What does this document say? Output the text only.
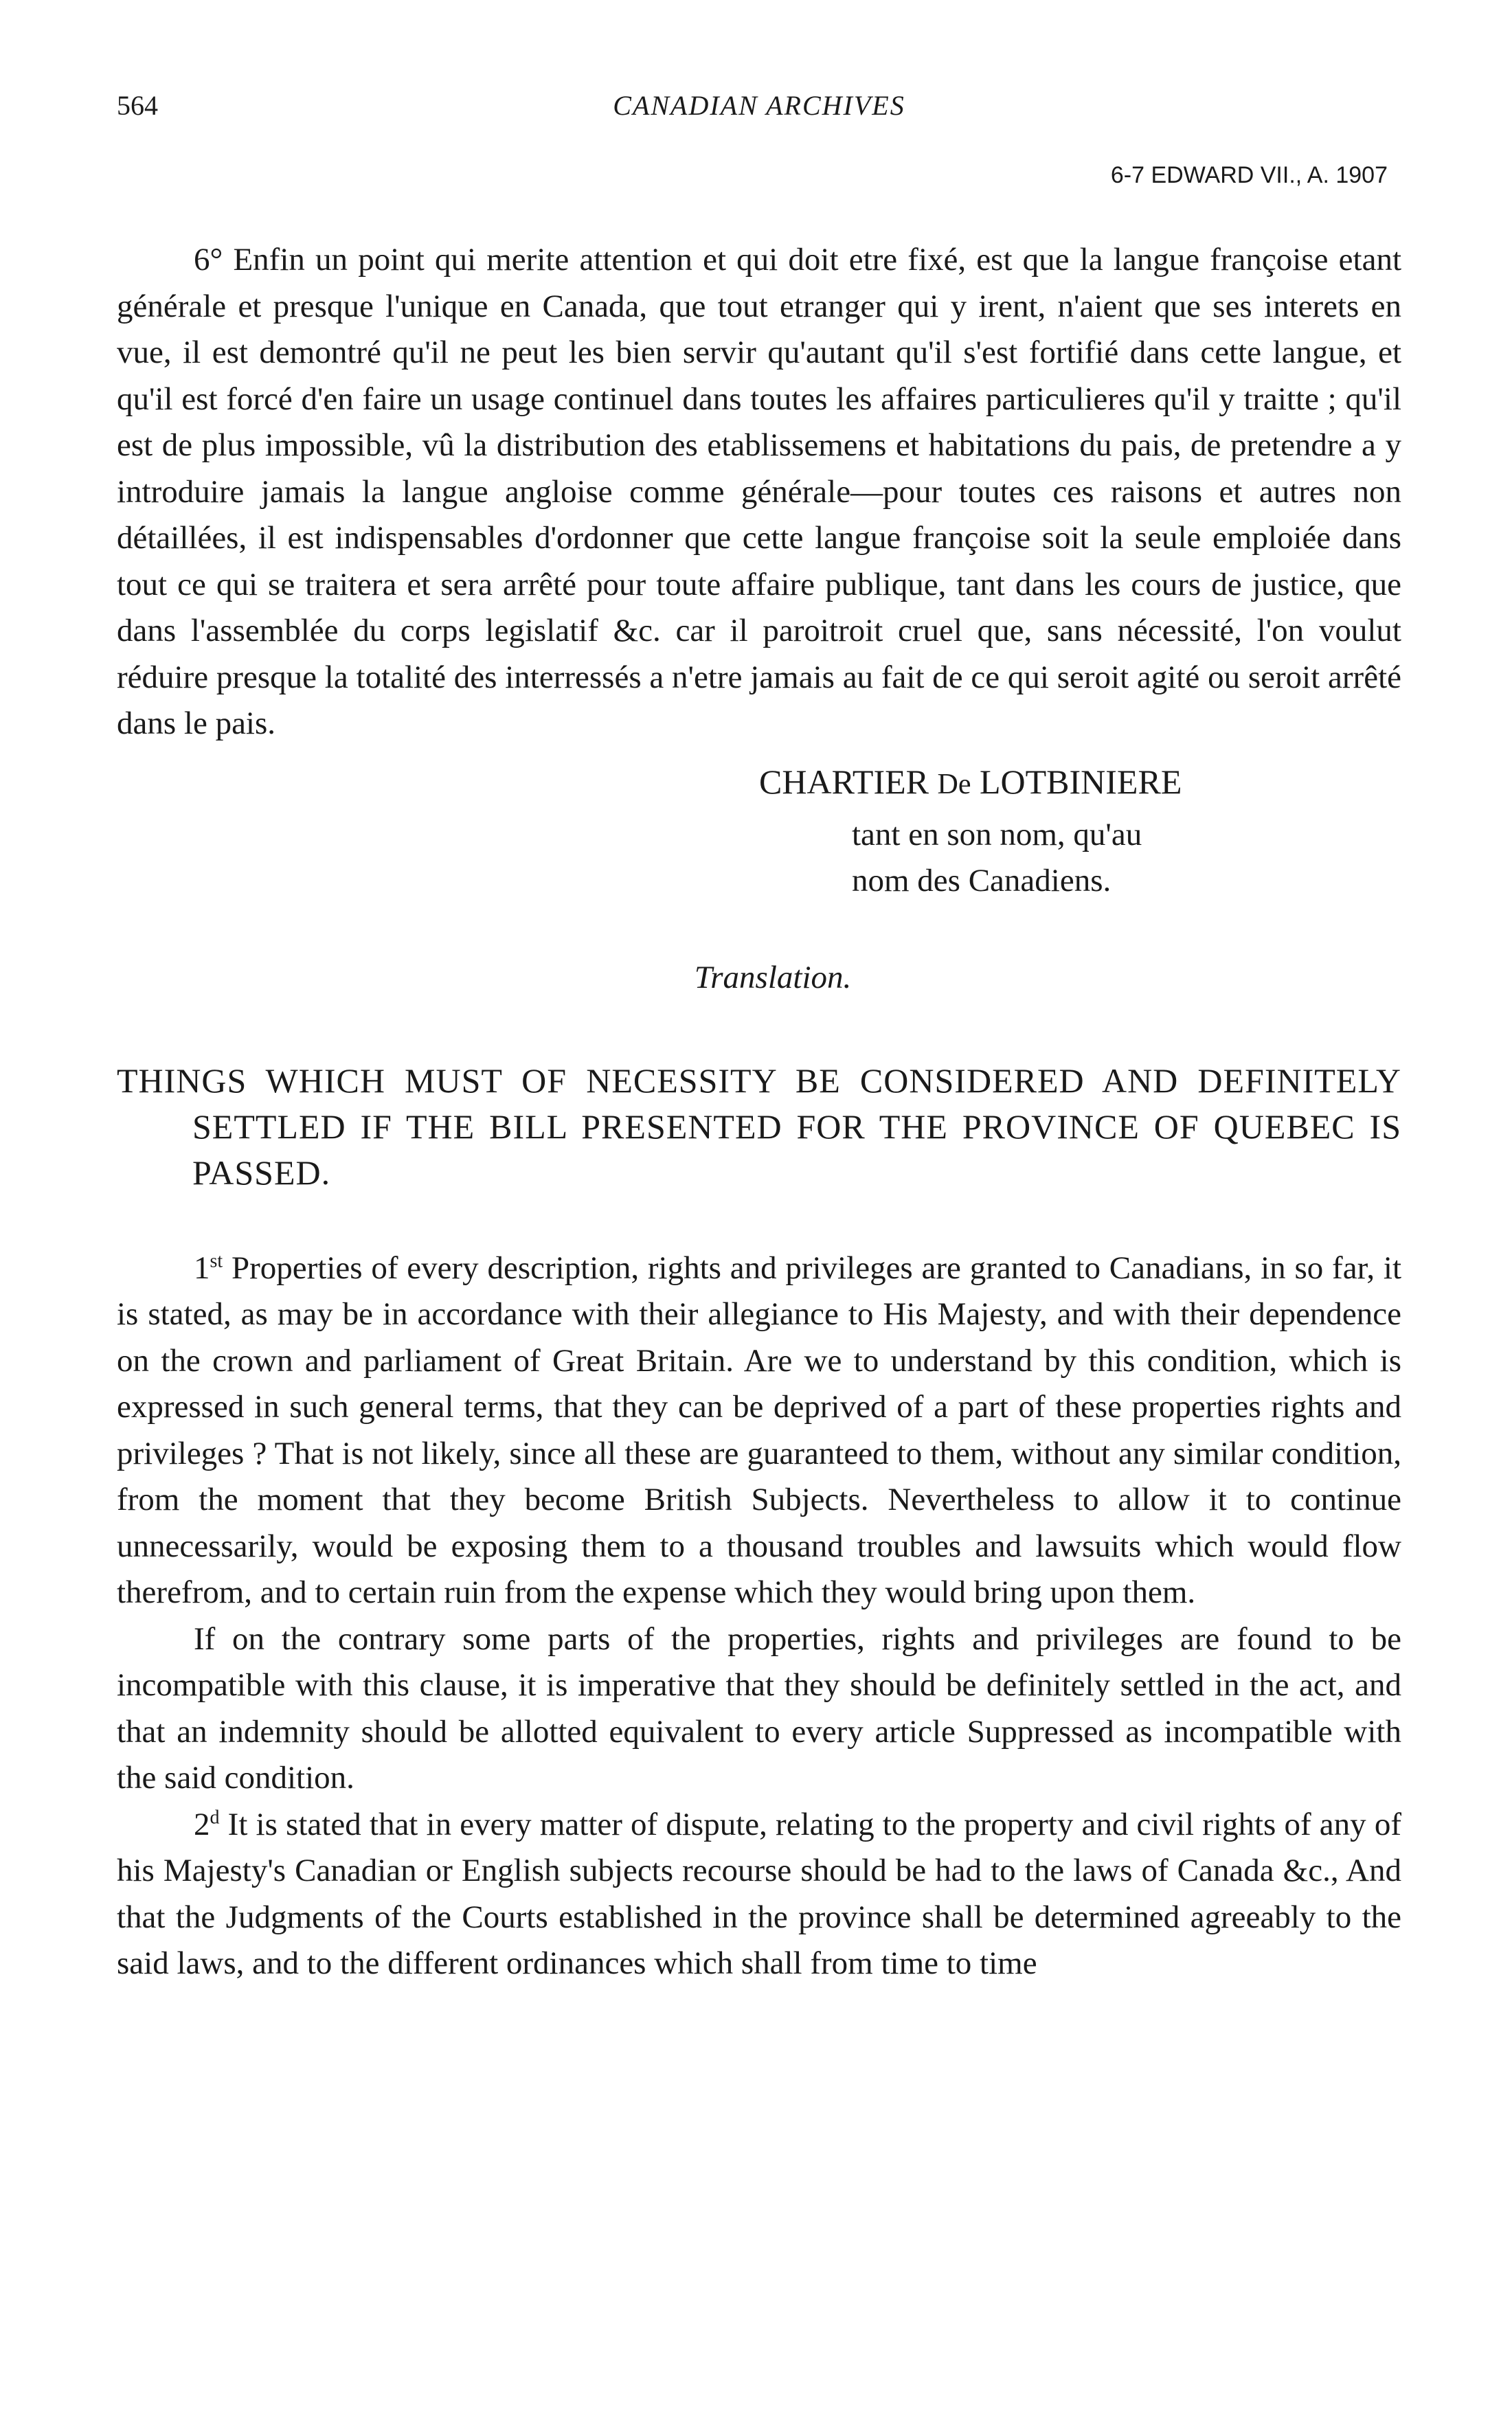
564	CANADIAN ARCHIVES
6-7 EDWARD VII., A. 1907

6° Enfin un point qui merite attention et qui doit etre fixé, est que la langue françoise etant générale et presque l'unique en Canada, que tout etranger qui y irent, n'aient que ses interets en vue, il est demontré qu'il ne peut les bien servir qu'autant qu'il s'est fortifié dans cette langue, et qu'il est forcé d'en faire un usage continuel dans toutes les affaires particulieres qu'il y traitte ; qu'il est de plus impossible, vû la distribution des etablissemens et habitations du pais, de pretendre a y introduire jamais la langue angloise comme générale—pour toutes ces raisons et autres non détaillées, il est indispensables d'ordonner que cette langue françoise soit la seule emploiée dans tout ce qui se traitera et sera arrêté pour toute affaire publique, tant dans les cours de justice, que dans l'assemblée du corps legislatif &c. car il paroitroit cruel que, sans nécessité, l'on voulut réduire presque la totalité des interressés a n'etre jamais au fait de ce qui seroit agité ou seroit arrêté dans le pais.

CHARTIER De LOTBINIERE
tant en son nom, qu'au
nom des Canadiens.
Translation.
THINGS WHICH MUST OF NECESSITY BE CONSIDERED AND DEFINITELY SETTLED IF THE BILL PRESENTED FOR THE PROVINCE OF QUEBEC IS PASSED.

1st Properties of every description, rights and privileges are granted to Canadians, in so far, it is stated, as may be in accordance with their allegiance to His Majesty, and with their dependence on the crown and parliament of Great Britain. Are we to understand by this condition, which is expressed in such general terms, that they can be deprived of a part of these properties rights and privileges ? That is not likely, since all these are guaranteed to them, without any similar condition, from the moment that they become British Subjects. Nevertheless to allow it to continue unnecessarily, would be exposing them to a thousand troubles and lawsuits which would flow therefrom, and to certain ruin from the expense which they would bring upon them.

If on the contrary some parts of the properties, rights and privileges are found to be incompatible with this clause, it is imperative that they should be definitely settled in the act, and that an indemnity should be allotted equivalent to every article Suppressed as incompatible with the said condition.

2$^d$ It is stated that in every matter of dispute, relating to the property and civil rights of any of his Majesty's Canadian or English subjects recourse should be had to the laws of Canada &c., And that the Judgments of the Courts established in the province shall be determined agreeably to the said laws, and to the different ordinances which shall from time to time
